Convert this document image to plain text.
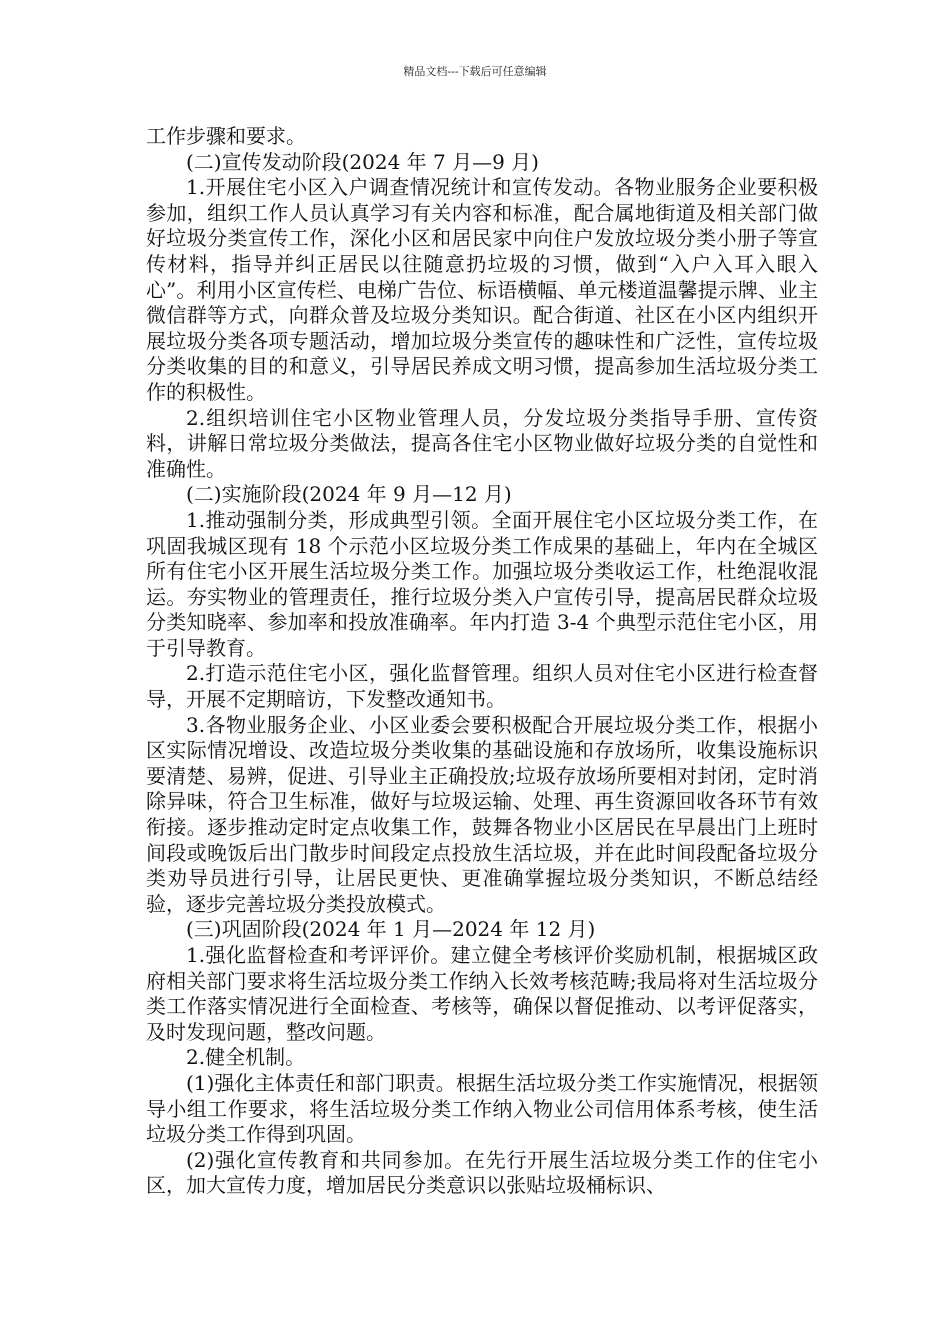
精品文档---下载后可任意编辑

工作步骤和要求。

(二)宣传发动阶段(2024 年 7 月—9 月)

1.开展住宅小区入户调查情况统计和宣传发动。各物业服务企业要积极参加，组织工作人员认真学习有关内容和标准，配合属地街道及相关部门做好垃圾分类宣传工作，深化小区和居民家中向住户发放垃圾分类小册子等宣传材料，指导并纠正居民以往随意扔垃圾的习惯，做到“入户入耳入眼入心”。利用小区宣传栏、电梯广告位、标语横幅、单元楼道温馨提示牌、业主微信群等方式，向群众普及垃圾分类知识。配合街道、社区在小区内组织开展垃圾分类各项专题活动，增加垃圾分类宣传的趣味性和广泛性，宣传垃圾分类收集的目的和意义，引导居民养成文明习惯，提高参加生活垃圾分类工作的积极性。

2.组织培训住宅小区物业管理人员，分发垃圾分类指导手册、宣传资料，讲解日常垃圾分类做法，提高各住宅小区物业做好垃圾分类的自觉性和准确性。

(二)实施阶段(2024 年 9 月—12 月)

1.推动强制分类，形成典型引领。全面开展住宅小区垃圾分类工作，在巩固我城区现有 18 个示范小区垃圾分类工作成果的基础上，年内在全城区所有住宅小区开展生活垃圾分类工作。加强垃圾分类收运工作，杜绝混收混运。夯实物业的管理责任，推行垃圾分类入户宣传引导，提高居民群众垃圾分类知晓率、参加率和投放准确率。年内打造 3-4 个典型示范住宅小区，用于引导教育。

2.打造示范住宅小区，强化监督管理。组织人员对住宅小区进行检查督导，开展不定期暗访，下发整改通知书。

3.各物业服务企业、小区业委会要积极配合开展垃圾分类工作，根据小区实际情况增设、改造垃圾分类收集的基础设施和存放场所，收集设施标识要清楚、易辨，促进、引导业主正确投放;垃圾存放场所要相对封闭，定时消除异味，符合卫生标准，做好与垃圾运输、处理、再生资源回收各环节有效衔接。逐步推动定时定点收集工作，鼓舞各物业小区居民在早晨出门上班时间段或晚饭后出门散步时间段定点投放生活垃圾，并在此时间段配备垃圾分类劝导员进行引导，让居民更快、更准确掌握垃圾分类知识，不断总结经验，逐步完善垃圾分类投放模式。

(三)巩固阶段(2024 年 1 月—2024 年 12 月)

1.强化监督检查和考评评价。建立健全考核评价奖励机制，根据城区政府相关部门要求将生活垃圾分类工作纳入长效考核范畴;我局将对生活垃圾分类工作落实情况进行全面检查、考核等，确保以督促推动、以考评促落实，及时发现问题，整改问题。

2.健全机制。

(1)强化主体责任和部门职责。根据生活垃圾分类工作实施情况，根据领导小组工作要求，将生活垃圾分类工作纳入物业公司信用体系考核，使生活垃圾分类工作得到巩固。

(2)强化宣传教育和共同参加。在先行开展生活垃圾分类工作的住宅小区，加大宣传力度，增加居民分类意识以张贴垃圾桶标识、
